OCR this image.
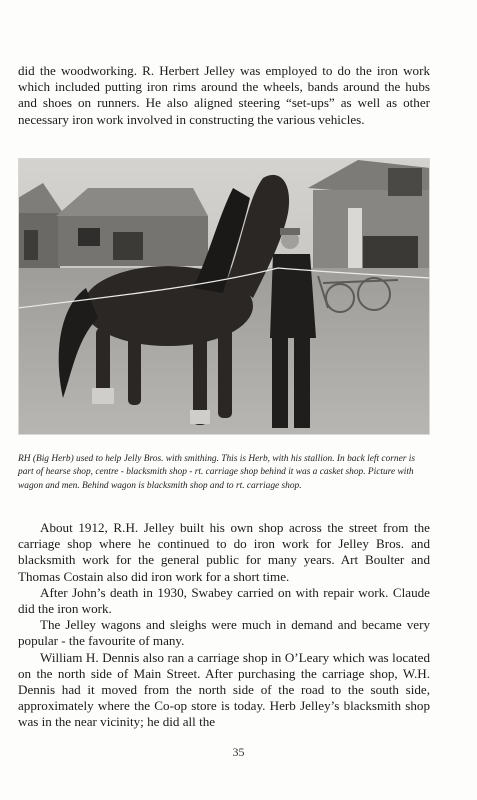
did the woodworking. R. Herbert Jelley was employed to do the iron work which included putting iron rims around the wheels, bands around the hubs and shoes on runners. He also aligned steering “set-ups” as well as other necessary iron work involved in constructing the various vehicles.

RH (Big Herb) used to help Jelly Bros. with smithing. This is Herb, with his stallion. In back left corner is part of hearse shop, centre - blacksmith shop - rt. carriage shop behind it was a casket shop. Picture with wagon and men. Behind wagon is blacksmith shop and to rt. carriage shop.

About 1912, R.H. Jelley built his own shop across the street from the carriage shop where he continued to do iron work for Jelley Bros. and blacksmith work for the general public for many years. Art Boulter and Thomas Costain also did iron work for a short time.

After John’s death in 1930, Swabey carried on with repair work. Claude did the iron work.

The Jelley wagons and sleighs were much in demand and became very popular - the favourite of many.

William H. Dennis also ran a carriage shop in O’Leary which was located on the north side of Main Street. After purchasing the carriage shop, W.H. Dennis had it moved from the north side of the road to the south side, approximately where the Co-op store is today. Herb Jelley’s blacksmith shop was in the near vicinity; he did all the

35
